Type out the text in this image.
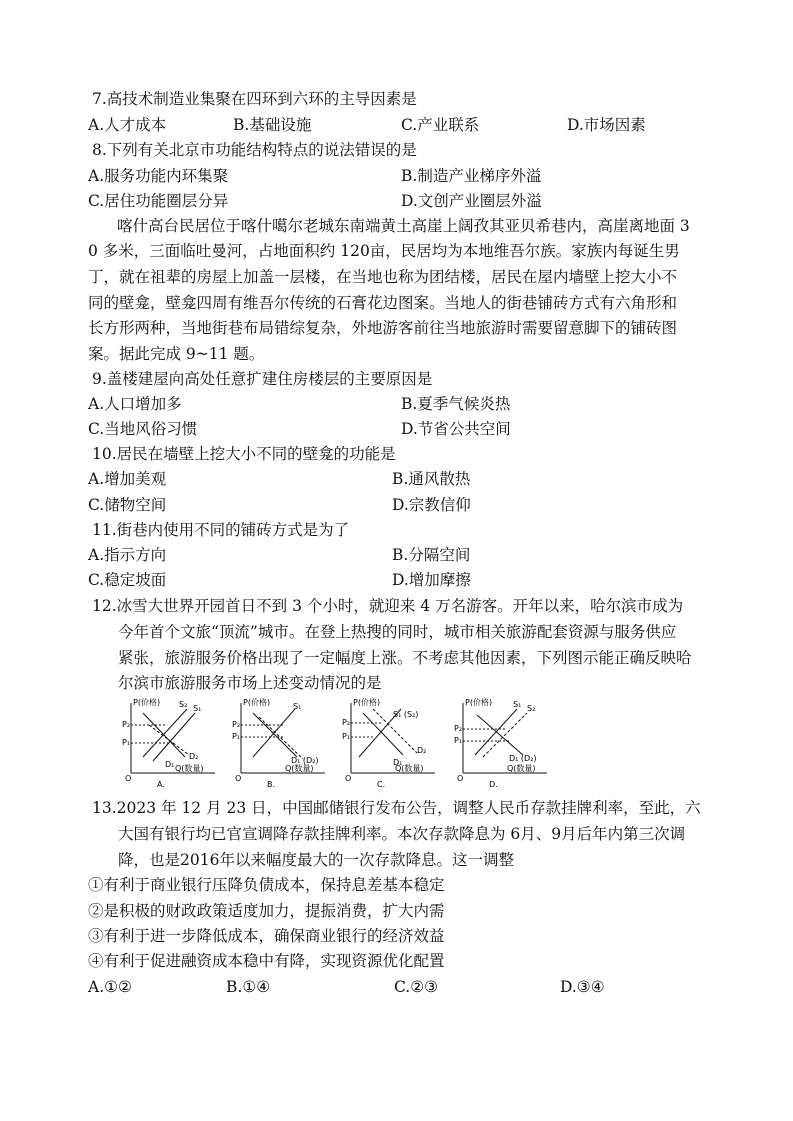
7.高技术制造业集聚在四环到六环的主导因素是
A.人才成本	B.基础设施	C.产业联系	D.市场因素
8.下列有关北京市功能结构特点的说法错误的是
A.服务功能内环集聚	B.制造产业梯序外溢
C.居住功能圈层分异	D.文创产业圈层外溢
喀什高台民居位于喀什噶尔老城东南端黄土高崖上阔孜其亚贝希巷内，高崖离地面 3
0 多米，三面临吐曼河，占地面积约 120亩，民居均为本地维吾尔族。家族内每诞生男
丁，就在祖辈的房屋上加盖一层楼，在当地也称为团结楼，居民在屋内墙壁上挖大小不
同的壁龛，壁龛四周有维吾尔传统的石膏花边图案。当地人的街巷铺砖方式有六角形和
长方形两种，当地街巷布局错综复杂，外地游客前往当地旅游时需要留意脚下的铺砖图
案。据此完成 9~11 题。
9.盖楼建屋向高处任意扩建住房楼层的主要原因是
A.人口增加多	B.夏季气候炎热
C.当地风俗习惯	D.节省公共空间
10.居民在墙壁上挖大小不同的壁龛的功能是
A.增加美观	B.通风散热
C.储物空间	D.宗教信仰
11.街巷内使用不同的铺砖方式是为了
A.指示方向	B.分隔空间
C.稳定坡面	D.增加摩擦
12.冰雪大世界开园首日不到 3 个小时，就迎来 4 万名游客。开年以来，哈尔滨市成为
今年首个文旅“顶流”城市。在登上热搜的同时，城市相关旅游配套资源与服务供应
紧张，旅游服务价格出现了一定幅度上涨。不考虑其他因素，下列图示能正确反映哈
尔滨市旅游服务市场上述变动情况的是
P(价格)
Q(数量)
P₂
P₁
S₂ S₁
D₁
D₂
O
A.
P(价格)
Q(数量)
P₂
P₁
S₁
D₁ (D₂)
O
B.
P(价格)
Q(数量)
P₂
P₁
S₁ (S₂)
D₂
D₁
O
C.
P(价格)
Q(数量)
P₂
P₁
S₁ S₂
D₁ (D₂)
O
D.
13.2023 年 12 月 23 日，中国邮储银行发布公告，调整人民币存款挂牌利率，至此，六
大国有银行均已官宣调降存款挂牌利率。本次存款降息为 6月、9月后年内第三次调
降，也是2016年以来幅度最大的一次存款降息。这一调整
①有利于商业银行压降负债成本，保持息差基本稳定
②是积极的财政政策适度加力，提振消费，扩大内需
③有利于进一步降低成本，确保商业银行的经济效益
④有利于促进融资成本稳中有降，实现资源优化配置
A.①②	B.①④	C.②③	D.③④
